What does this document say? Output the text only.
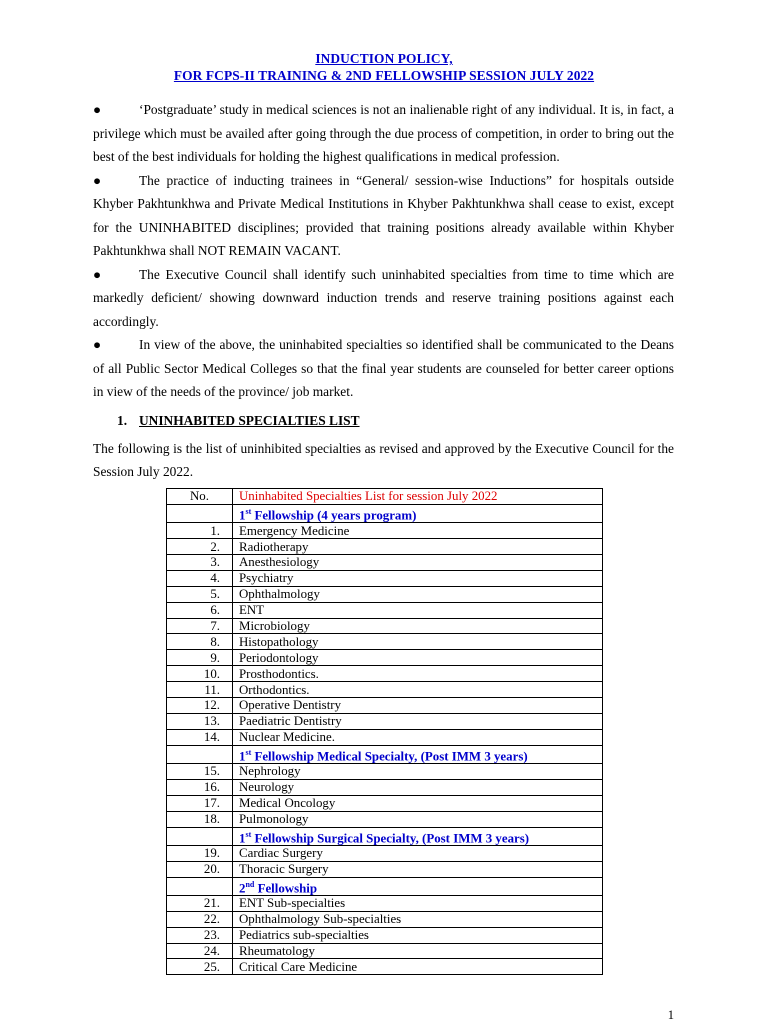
INDUCTION POLICY,
FOR FCPS-II TRAINING & 2ND FELLOWSHIP SESSION JULY 2022

●	‘Postgraduate’ study in medical sciences is not an inalienable right of any individual. It is, in fact, a privilege which must be availed after going through the due process of competition, in order to bring out the best of the best individuals for holding the highest qualifications in medical profession.

●	The practice of inducting trainees in “General/ session-wise Inductions” for hospitals outside Khyber Pakhtunkhwa and Private Medical Institutions in Khyber Pakhtunkhwa shall cease to exist, except for the UNINHABITED disciplines; provided that training positions already available within Khyber Pakhtunkhwa shall NOT REMAIN VACANT.

●	The Executive Council shall identify such uninhabited specialties from time to time which are markedly deficient/ showing downward induction trends and reserve training positions against each accordingly.

●	In view of the above, the uninhabited specialties so identified shall be communicated to the Deans of all Public Sector Medical Colleges so that the final year students are counseled for better career options in view of the needs of the province/ job market.

1. UNINHABITED SPECIALTIES LIST
The following is the list of uninhibited specialties as revised and approved by the Executive Council for the Session July 2022.
No.	Uninhabited Specialties List for session July 2022
	1st Fellowship (4 years program)
1.	Emergency Medicine
2.	Radiotherapy
3.	Anesthesiology
4.	Psychiatry
5.	Ophthalmology
6.	ENT
7.	Microbiology
8.	Histopathology
9.	Periodontology
10.	Prosthodontics.
11.	Orthodontics.
12.	Operative Dentistry
13.	Paediatric Dentistry
14.	Nuclear Medicine.
	1st Fellowship Medical Specialty, (Post IMM 3 years)
15.	Nephrology
16.	Neurology
17.	Medical Oncology
18.	Pulmonology
	1st Fellowship Surgical Specialty, (Post IMM 3 years)
19.	Cardiac Surgery
20.	Thoracic Surgery
	2nd Fellowship
21.	ENT Sub-specialties
22.	Ophthalmology Sub-specialties
23.	Pediatrics sub-specialties
24.	Rheumatology
25.	Critical Care Medicine
1
